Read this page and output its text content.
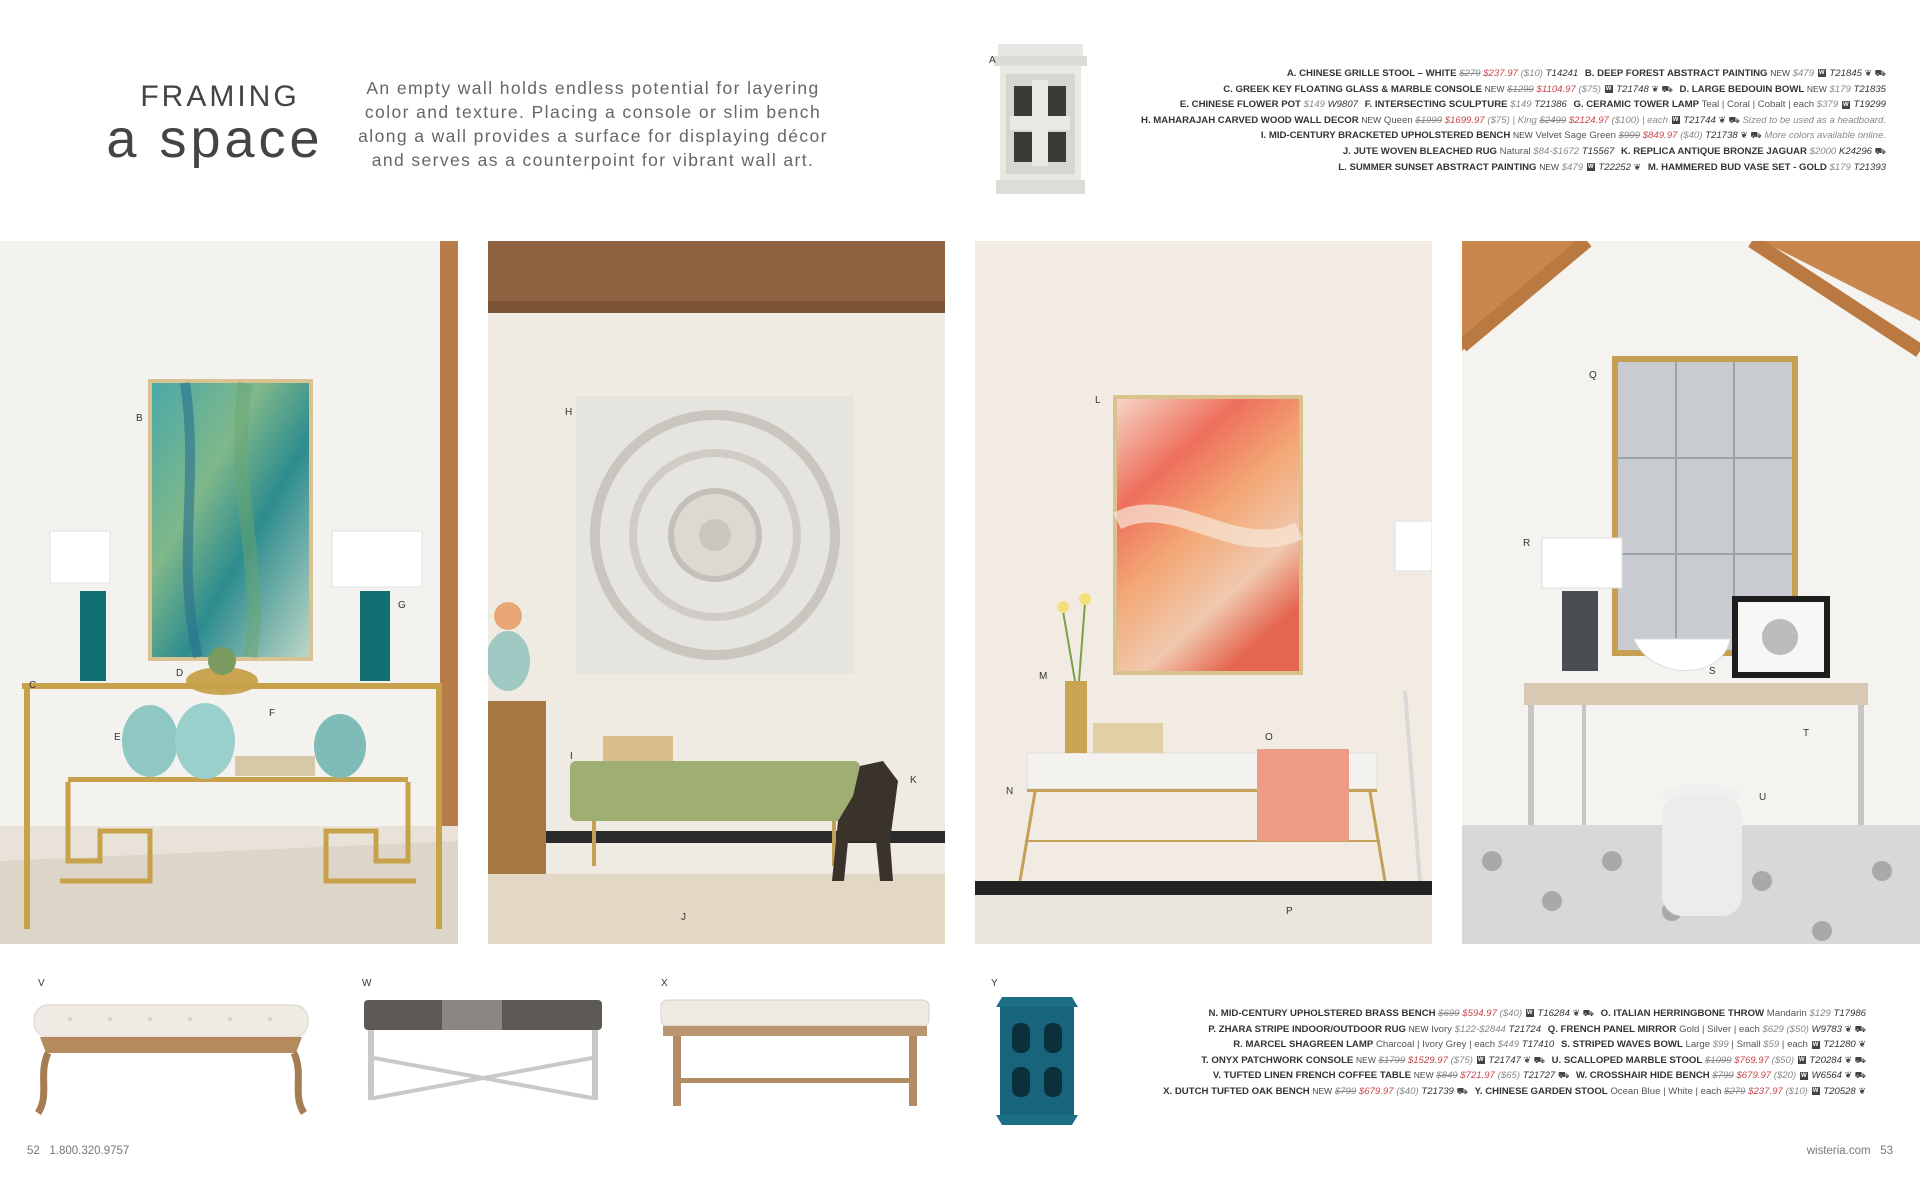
FRAMING
a space
An empty wall holds endless potential for layering color and texture. Placing a console or slim bench along a wall provides a surface for displaying décor and serves as a counterpoint for vibrant wall art.
A
A. CHINESE GRILLE STOOL – WHITE $279 $237.97 ($10) T14241 B. DEEP FOREST ABSTRACT PAINTING NEW $479 W T21845 ❦ ⛟
C. GREEK KEY FLOATING GLASS & MARBLE CONSOLE NEW $1299 $1104.97 ($75) W T21748 ❦ ⛟ D. LARGE BEDOUIN BOWL NEW $179 T21835
E. CHINESE FLOWER POT $149 W9807 F. INTERSECTING SCULPTURE $149 T21386 G. CERAMIC TOWER LAMP Teal | Coral | Cobalt | each $379 W T19299
H. MAHARAJAH CARVED WOOD WALL DECOR NEW Queen $1999 $1699.97 ($75) | King $2499 $2124.97 ($100) | each W T21744 ❦ ⛟ Sized to be used as a headboard.
I. MID-CENTURY BRACKETED UPHOLSTERED BENCH NEW Velvet Sage Green $999 $849.97 ($40) T21738 ❦ ⛟ More colors available online.
J. JUTE WOVEN BLEACHED RUG Natural $84-$1672 T15567 K. REPLICA ANTIQUE BRONZE JAGUAR $2000 K24296 ⛟
L. SUMMER SUNSET ABSTRACT PAINTING NEW $479 W T22252 ❦ M. HAMMERED BUD VASE SET - GOLD $179 T21393
B
C
D
E
F
G
H
I
J
K
L
M
N
O
P
Q
R
S
T
U
V	W	X	Y
N. MID-CENTURY UPHOLSTERED BRASS BENCH $699 $594.97 ($40) W T16284 ❦ ⛟ O. ITALIAN HERRINGBONE THROW Mandarin $129 T17986
P. ZHARA STRIPE INDOOR/OUTDOOR RUG NEW Ivory $122-$2844 T21724 Q. FRENCH PANEL MIRROR Gold | Silver | each $629 ($50) W9783 ❦ ⛟
R. MARCEL SHAGREEN LAMP Charcoal | Ivory Grey | each $449 T17410 S. STRIPED WAVES BOWL Large $99 | Small $59 | each W T21280 ❦
T. ONYX PATCHWORK CONSOLE NEW $1799 $1529.97 ($75) W T21747 ❦ ⛟ U. SCALLOPED MARBLE STOOL $1099 $769.97 ($50) W T20284 ❦ ⛟
V. TUFTED LINEN FRENCH COFFEE TABLE NEW $849 $721.97 ($65) T21727 ⛟ W. CROSSHAIR HIDE BENCH $799 $679.97 ($20) W W6564 ❦ ⛟
X. DUTCH TUFTED OAK BENCH NEW $799 $679.97 ($40) T21739 ⛟ Y. CHINESE GARDEN STOOL Ocean Blue | White | each $279 $237.97 ($10) W T20528 ❦
52 1.800.320.9757	wisteria.com 53
